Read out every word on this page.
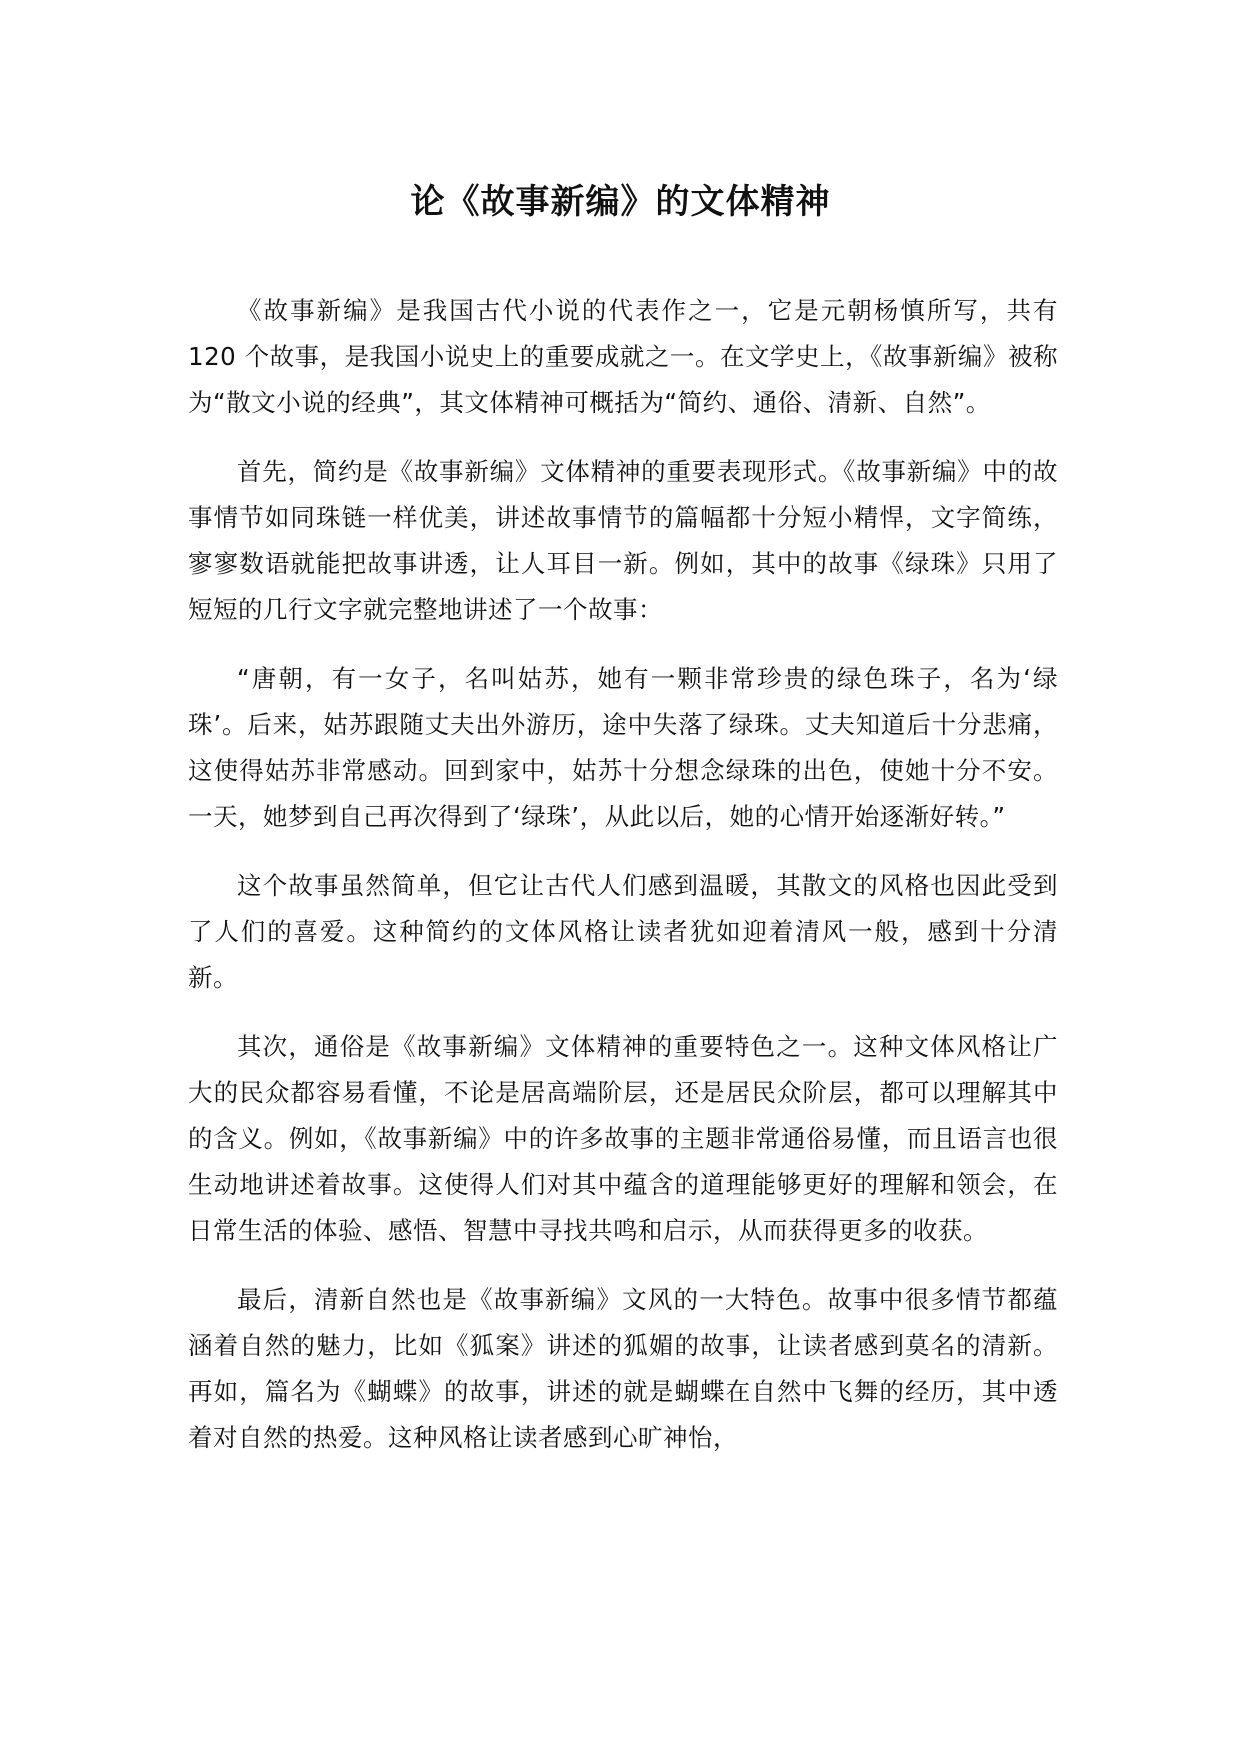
论《故事新编》的文体精神

《故事新编》是我国古代小说的代表作之一，它是元朝杨慎所写，共有 120 个故事，是我国小说史上的重要成就之一。在文学史上，《故事新编》被称为“散文小说的经典”，其文体精神可概括为“简约、通俗、清新、自然”。

首先，简约是《故事新编》文体精神的重要表现形式。《故事新编》中的故事情节如同珠链一样优美，讲述故事情节的篇幅都十分短小精悍，文字简练，寥寥数语就能把故事讲透，让人耳目一新。例如，其中的故事《绿珠》只用了短短的几行文字就完整地讲述了一个故事：

“唐朝，有一女子，名叫姑苏，她有一颗非常珍贵的绿色珠子，名为‘绿珠’。后来，姑苏跟随丈夫出外游历，途中失落了绿珠。丈夫知道后十分悲痛，这使得姑苏非常感动。回到家中，姑苏十分想念绿珠的出色，使她十分不安。一天，她梦到自己再次得到了‘绿珠’，从此以后，她的心情开始逐渐好转。”

这个故事虽然简单，但它让古代人们感到温暖，其散文的风格也因此受到了人们的喜爱。这种简约的文体风格让读者犹如迎着清风一般，感到十分清新。

其次，通俗是《故事新编》文体精神的重要特色之一。这种文体风格让广大的民众都容易看懂，不论是居高端阶层，还是居民众阶层，都可以理解其中的含义。例如，《故事新编》中的许多故事的主题非常通俗易懂，而且语言也很生动地讲述着故事。这使得人们对其中蕴含的道理能够更好的理解和领会，在日常生活的体验、感悟、智慧中寻找共鸣和启示，从而获得更多的收获。

最后，清新自然也是《故事新编》文风的一大特色。故事中很多情节都蕴涵着自然的魅力，比如《狐案》讲述的狐媚的故事，让读者感到莫名的清新。再如，篇名为《蝴蝶》的故事，讲述的就是蝴蝶在自然中飞舞的经历，其中透着对自然的热爱。这种风格让读者感到心旷神怡，
